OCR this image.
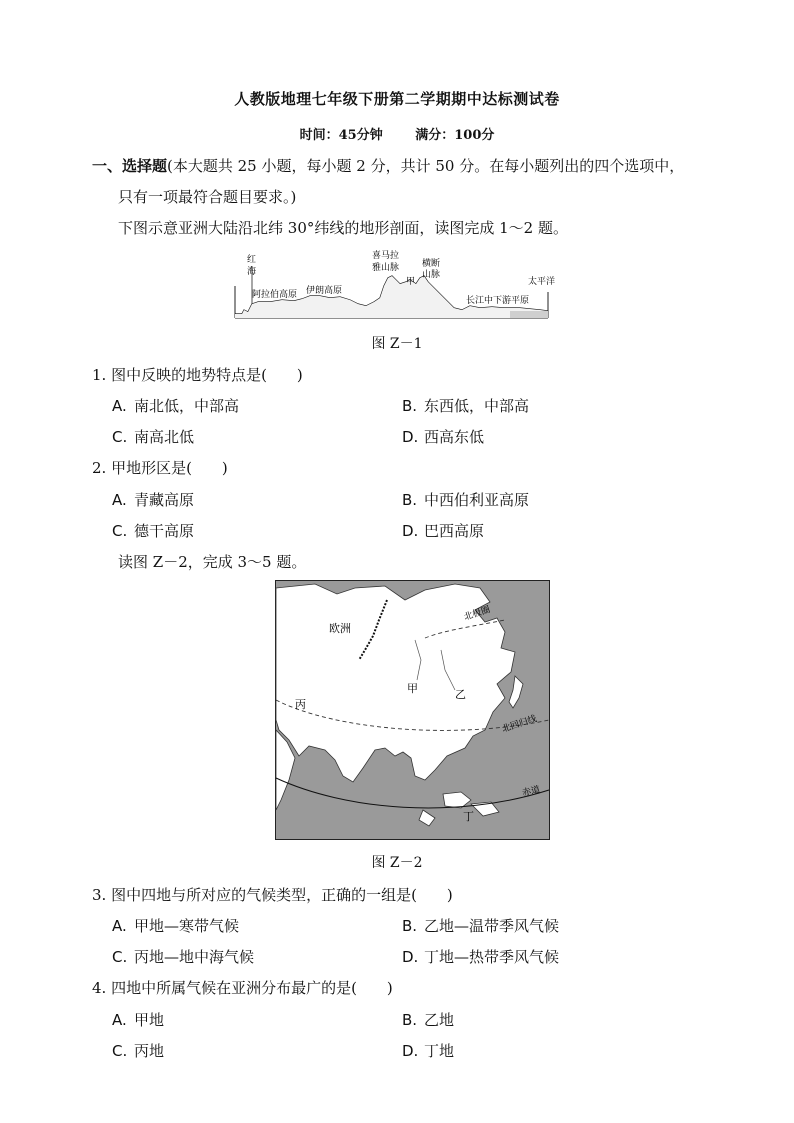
人教版地理七年级下册第二学期期中达标测试卷
时间：45分钟	满分：100分
一、选择题(本大题共 25 小题，每小题 2 分，共计 50 分。在每小题列出的四个选项中，
只有一项最符合题目要求。)
下图示意亚洲大陆沿北纬 30°纬线的地形剖面，读图完成 1～2 题。
红
海
阿拉伯高原 伊朗高原
喜马拉
雅山脉
甲
横断
山脉
长江中下游平原
太平洋
图 Z－1
1. 图中反映的地势特点是(　　)
A. 南北低，中部高	B. 东西低，中部高
C. 南高北低	D. 西高东低
2. 甲地形区是(　　)
A. 青藏高原	B. 中西伯利亚高原
C. 德干高原	D. 巴西高原
读图 Z－2，完成 3～5 题。
欧洲
北极圈
甲	乙
丙
丁
北回归线
赤道
图 Z－2
3. 图中四地与所对应的气候类型，正确的一组是(　　)
A. 甲地—寒带气候	B. 乙地—温带季风气候
C. 丙地—地中海气候	D. 丁地—热带季风气候
4. 四地中所属气候在亚洲分布最广的是(　　)
A. 甲地	B. 乙地
C. 丙地	D. 丁地
